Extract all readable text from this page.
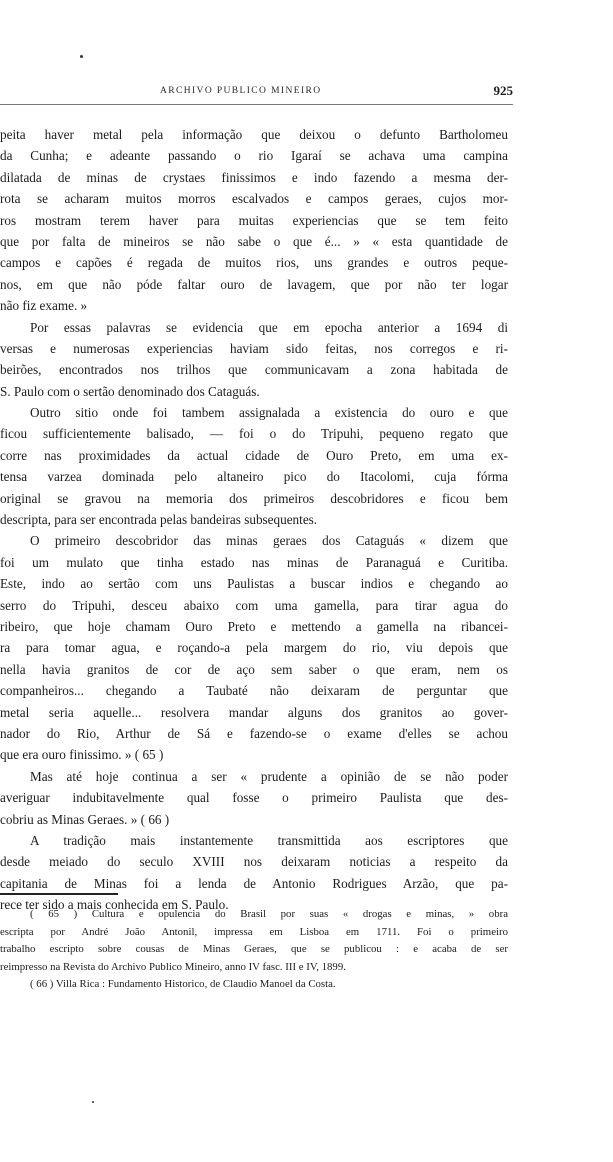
ARCHIVO PUBLICO MINEIRO	925
peita haver metal pela informação que deixou o defunto Bartholomeu
da Cunha; e adeante passando o rio Igaraí se achava uma campina
dilatada de minas de crystaes finissimos e indo fazendo a mesma der-
rota se acharam muitos morros escalvados e campos geraes, cujos mor-
ros mostram terem haver para muitas experiencias que se tem feito
que por falta de mineiros se não sabe o que é... » « esta quantidade de
campos e capões é regada de muitos rios, uns grandes e outros peque-
nos, em que não póde faltar ouro de lavagem, que por não ter logar
não fiz exame. »
Por essas palavras se evidencia que em epocha anterior a 1694 di
versas e numerosas experiencias haviam sido feitas, nos corregos e ri-
beirões, encontrados nos trilhos que communicavam a zona habitada de
S. Paulo com o sertão denominado dos Cataguás.
Outro sitio onde foi tambem assignalada a existencia do ouro e que
ficou sufficientemente balisado, — foi o do Tripuhi, pequeno regato que
corre nas proximidades da actual cidade de Ouro Preto, em uma ex-
tensa varzea dominada pelo altaneiro pico do Itacolomi, cuja fórma
original se gravou na memoria dos primeiros descobridores e ficou bem
descripta, para ser encontrada pelas bandeiras subsequentes.
O primeiro descobridor das minas geraes dos Cataguás « dizem que
foi um mulato que tinha estado nas minas de Paranaguá e Curitiba.
Este, indo ao sertão com uns Paulistas a buscar indios e chegando ao
serro do Tripuhi, desceu abaixo com uma gamella, para tirar agua do
ribeiro, que hoje chamam Ouro Preto e mettendo a gamella na ribancei-
ra para tomar agua, e roçando-a pela margem do rio, viu depois que
nella havia granitos de cor de aço sem saber o que eram, nem os
companheiros... chegando a Taubaté não deixaram de perguntar que
metal seria aquelle... resolvera mandar alguns dos granitos ao gover-
nador do Rio, Arthur de Sá e fazendo-se o exame d'elles se achou
que era ouro finissimo. » ( 65 )
Mas até hoje continua a ser « prudente a opinião de se não poder
averiguar indubitavelmente qual fosse o primeiro Paulista que des-
cobriu as Minas Geraes. » ( 66 )
A tradição mais instantemente transmittida aos escriptores que
desde meiado do seculo XVIII nos deixaram noticias a respeito da
capitania de Minas foi a lenda de Antonio Rodrigues Arzão, que pa-
rece ter sido a mais conhecida em S. Paulo.
( 65 ) Cultura e opulencia do Brasil por suas « drogas e minas, » obra
escripta por André João Antonil, impressa em Lisboa em 1711. Foi o primeiro
trabalho escripto sobre cousas de Minas Geraes, que se publicou : e acaba de ser
reimpresso na Revista do Archivo Publico Mineiro, anno IV fasc. III e IV, 1899.
( 66 ) Villa Rica : Fundamento Historico, de Claudio Manoel da Costa.
